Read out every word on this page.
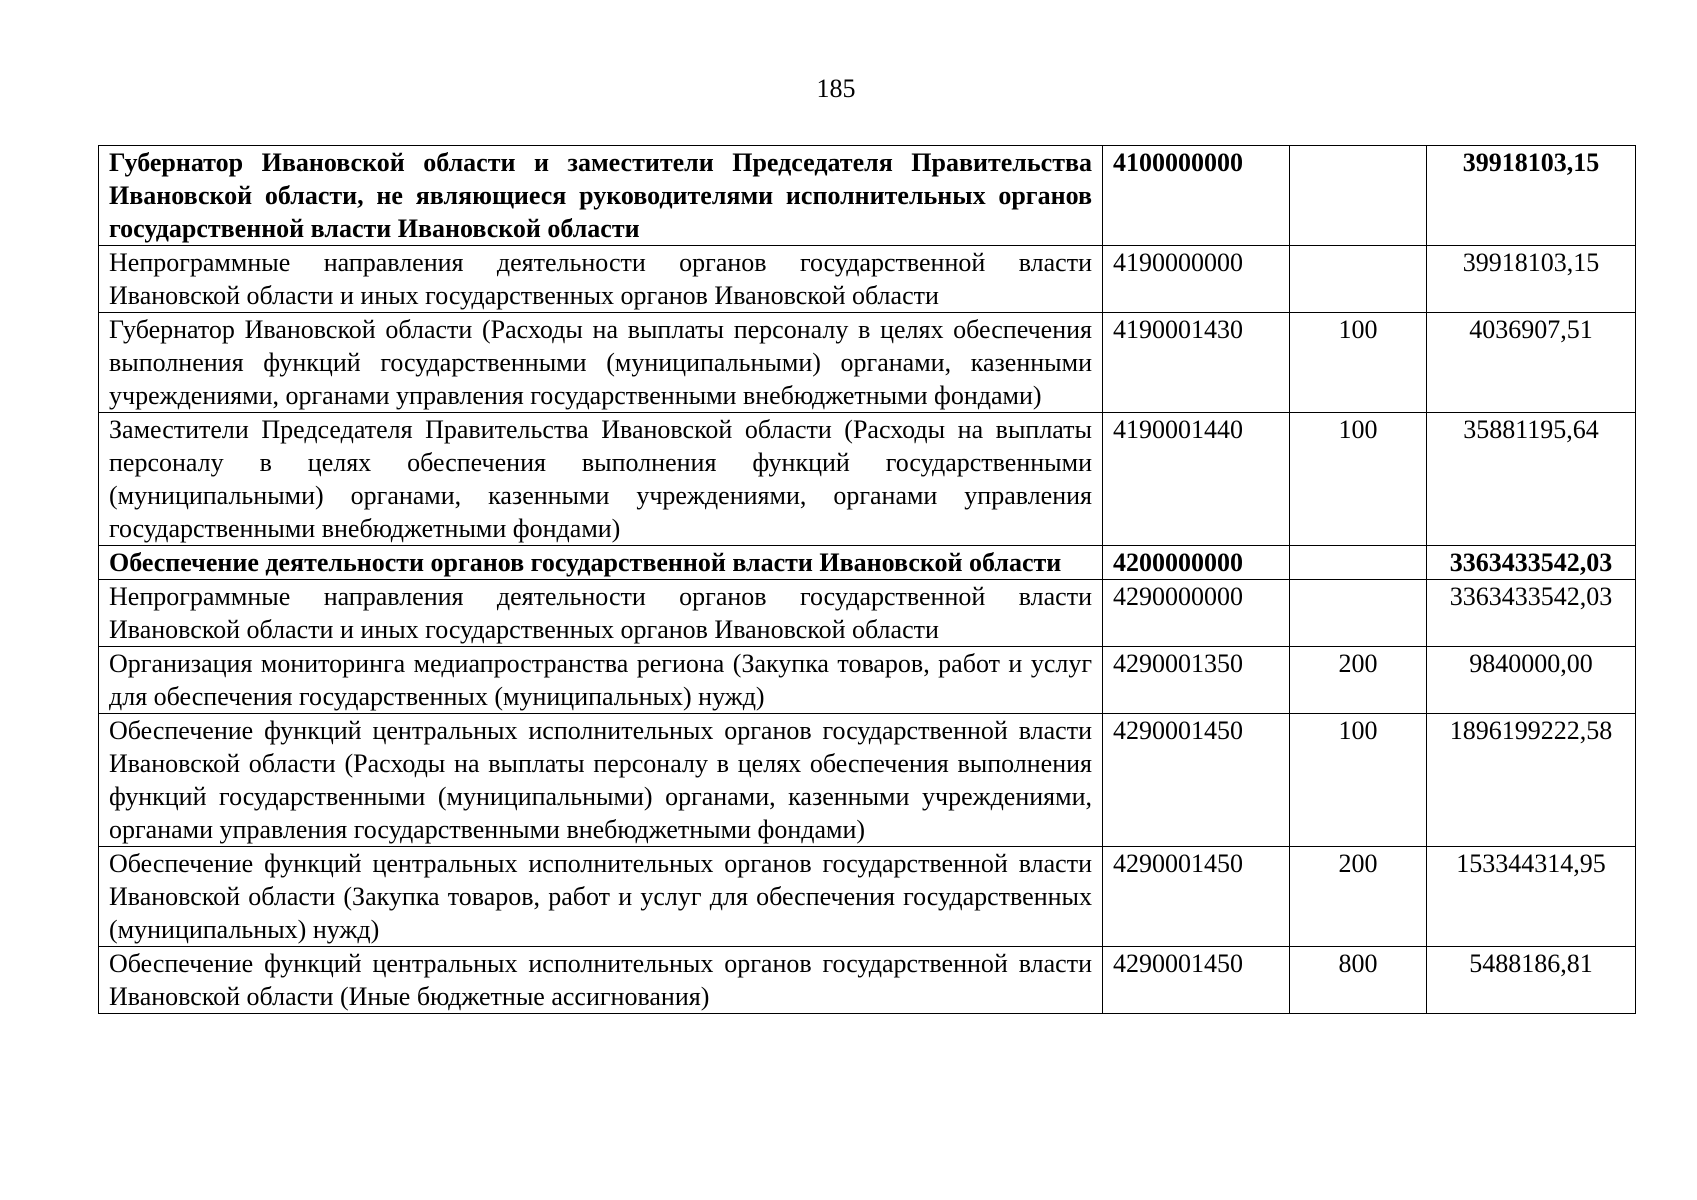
185
Губернатор Ивановской области и заместители Председателя Правительства Ивановской области, не являющиеся руководителями исполнительных органов государственной власти Ивановской области	4100000000		39918103,15
Непрограммные направления деятельности органов государственной власти Ивановской области и иных государственных органов Ивановской области	4190000000		39918103,15
Губернатор Ивановской области (Расходы на выплаты персоналу в целях обеспечения выполнения функций государственными (муниципальными) органами, казенными учреждениями, органами управления государственными внебюджетными фондами)	4190001430	100	4036907,51
Заместители Председателя Правительства Ивановской области (Расходы на выплаты персоналу в целях обеспечения выполнения функций государственными (муниципальными) органами, казенными учреждениями, органами управления государственными внебюджетными фондами)	4190001440	100	35881195,64
Обеспечение деятельности органов государственной власти Ивановской области	4200000000		3363433542,03
Непрограммные направления деятельности органов государственной власти Ивановской области и иных государственных органов Ивановской области	4290000000		3363433542,03
Организация мониторинга медиапространства региона (Закупка товаров, работ и услуг для обеспечения государственных (муниципальных) нужд)	4290001350	200	9840000,00
Обеспечение функций центральных исполнительных органов государственной власти Ивановской области (Расходы на выплаты персоналу в целях обеспечения выполнения функций государственными (муниципальными) органами, казенными учреждениями, органами управления государственными внебюджетными фондами)	4290001450	100	1896199222,58
Обеспечение функций центральных исполнительных органов государственной власти Ивановской области (Закупка товаров, работ и услуг для обеспечения государственных (муниципальных) нужд)	4290001450	200	153344314,95
Обеспечение функций центральных исполнительных органов государственной власти Ивановской области (Иные бюджетные ассигнования)	4290001450	800	5488186,81
